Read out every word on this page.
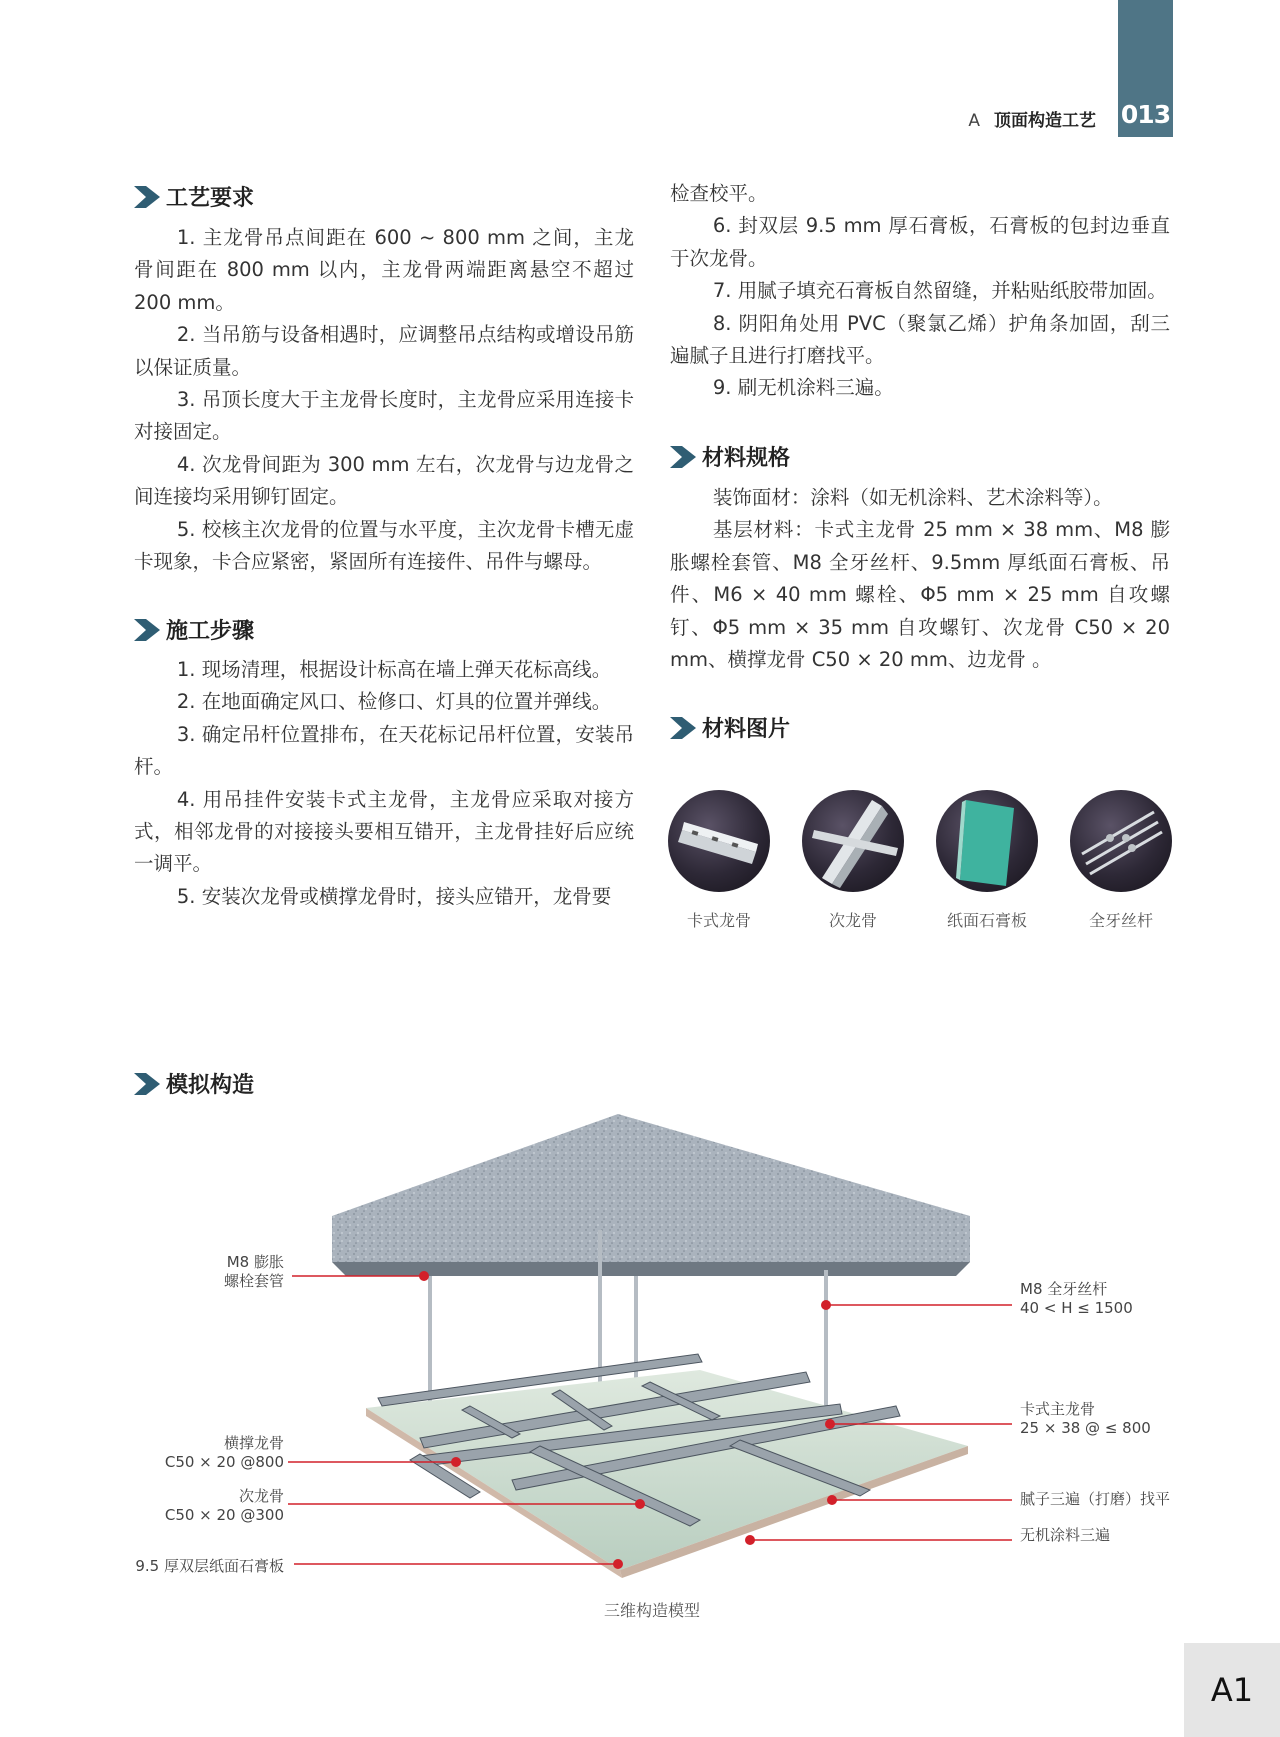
013
A 顶面构造工艺
工艺要求

1. 主龙骨吊点间距在 600 ~ 800 mm 之间，主龙骨间距在 800 mm 以内，主龙骨两端距离悬空不超过 200 mm。

2. 当吊筋与设备相遇时，应调整吊点结构或增设吊筋以保证质量。

3. 吊顶长度大于主龙骨长度时，主龙骨应采用连接卡对接固定。

4. 次龙骨间距为 300 mm 左右，次龙骨与边龙骨之间连接均采用铆钉固定。

5. 校核主次龙骨的位置与水平度，主次龙骨卡槽无虚卡现象，卡合应紧密，紧固所有连接件、吊件与螺母。

施工步骤

1. 现场清理，根据设计标高在墙上弹天花标高线。

2. 在地面确定风口、检修口、灯具的位置并弹线。

3. 确定吊杆位置排布，在天花标记吊杆位置，安装吊杆。

4. 用吊挂件安装卡式主龙骨，主龙骨应采取对接方式，相邻龙骨的对接接头要相互错开，主龙骨挂好后应统一调平。

5. 安装次龙骨或横撑龙骨时，接头应错开，龙骨要

检查校平。

6. 封双层 9.5 mm 厚石膏板，石膏板的包封边垂直于次龙骨。

7. 用腻子填充石膏板自然留缝，并粘贴纸胶带加固。

8. 阴阳角处用 PVC（聚氯乙烯）护角条加固，刮三遍腻子且进行打磨找平。

9. 刷无机涂料三遍。

材料规格

装饰面材：涂料（如无机涂料、艺术涂料等）。

基层材料：卡式主龙骨 25 mm × 38 mm、M8 膨胀螺栓套管、M8 全牙丝杆、9.5mm 厚纸面石膏板、吊件、M6 × 40 mm 螺栓、Φ5 mm × 25 mm 自攻螺钉、Φ5 mm × 35 mm 自攻螺钉、次龙骨 C50 × 20 mm、横撑龙骨 C50 × 20 mm、边龙骨 。

材料图片
卡式龙骨	次龙骨	纸面石膏板	全牙丝杆
模拟构造
M8 膨胀
螺栓套管
横撑龙骨
C50 × 20 @800
次龙骨
C50 × 20 @300
9.5 厚双层纸面石膏板
M8 全牙丝杆
40 < H ≤ 1500
卡式主龙骨
25 × 38 @ ≤ 800
腻子三遍（打磨）找平
无机涂料三遍
三维构造模型
A1
